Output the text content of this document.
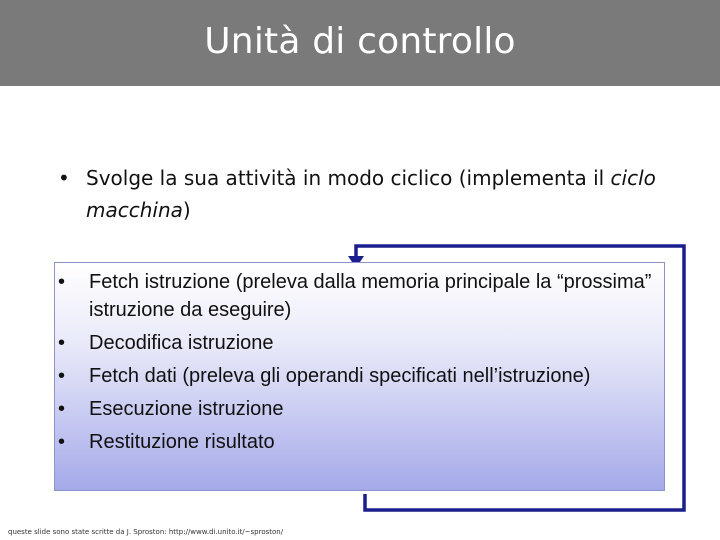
Unità di controllo
• Svolge la sua attività in modo ciclico (implementa il ciclo macchina)
• Fetch istruzione (preleva dalla memoria principale la “prossima” istruzione da eseguire)
• Decodifica istruzione
• Fetch dati (preleva gli operandi specificati nell’istruzione)
• Esecuzione istruzione
• Restituzione risultato
queste slide sono state scritte da J. Sproston: http://www.di.unito.it/~sproston/
